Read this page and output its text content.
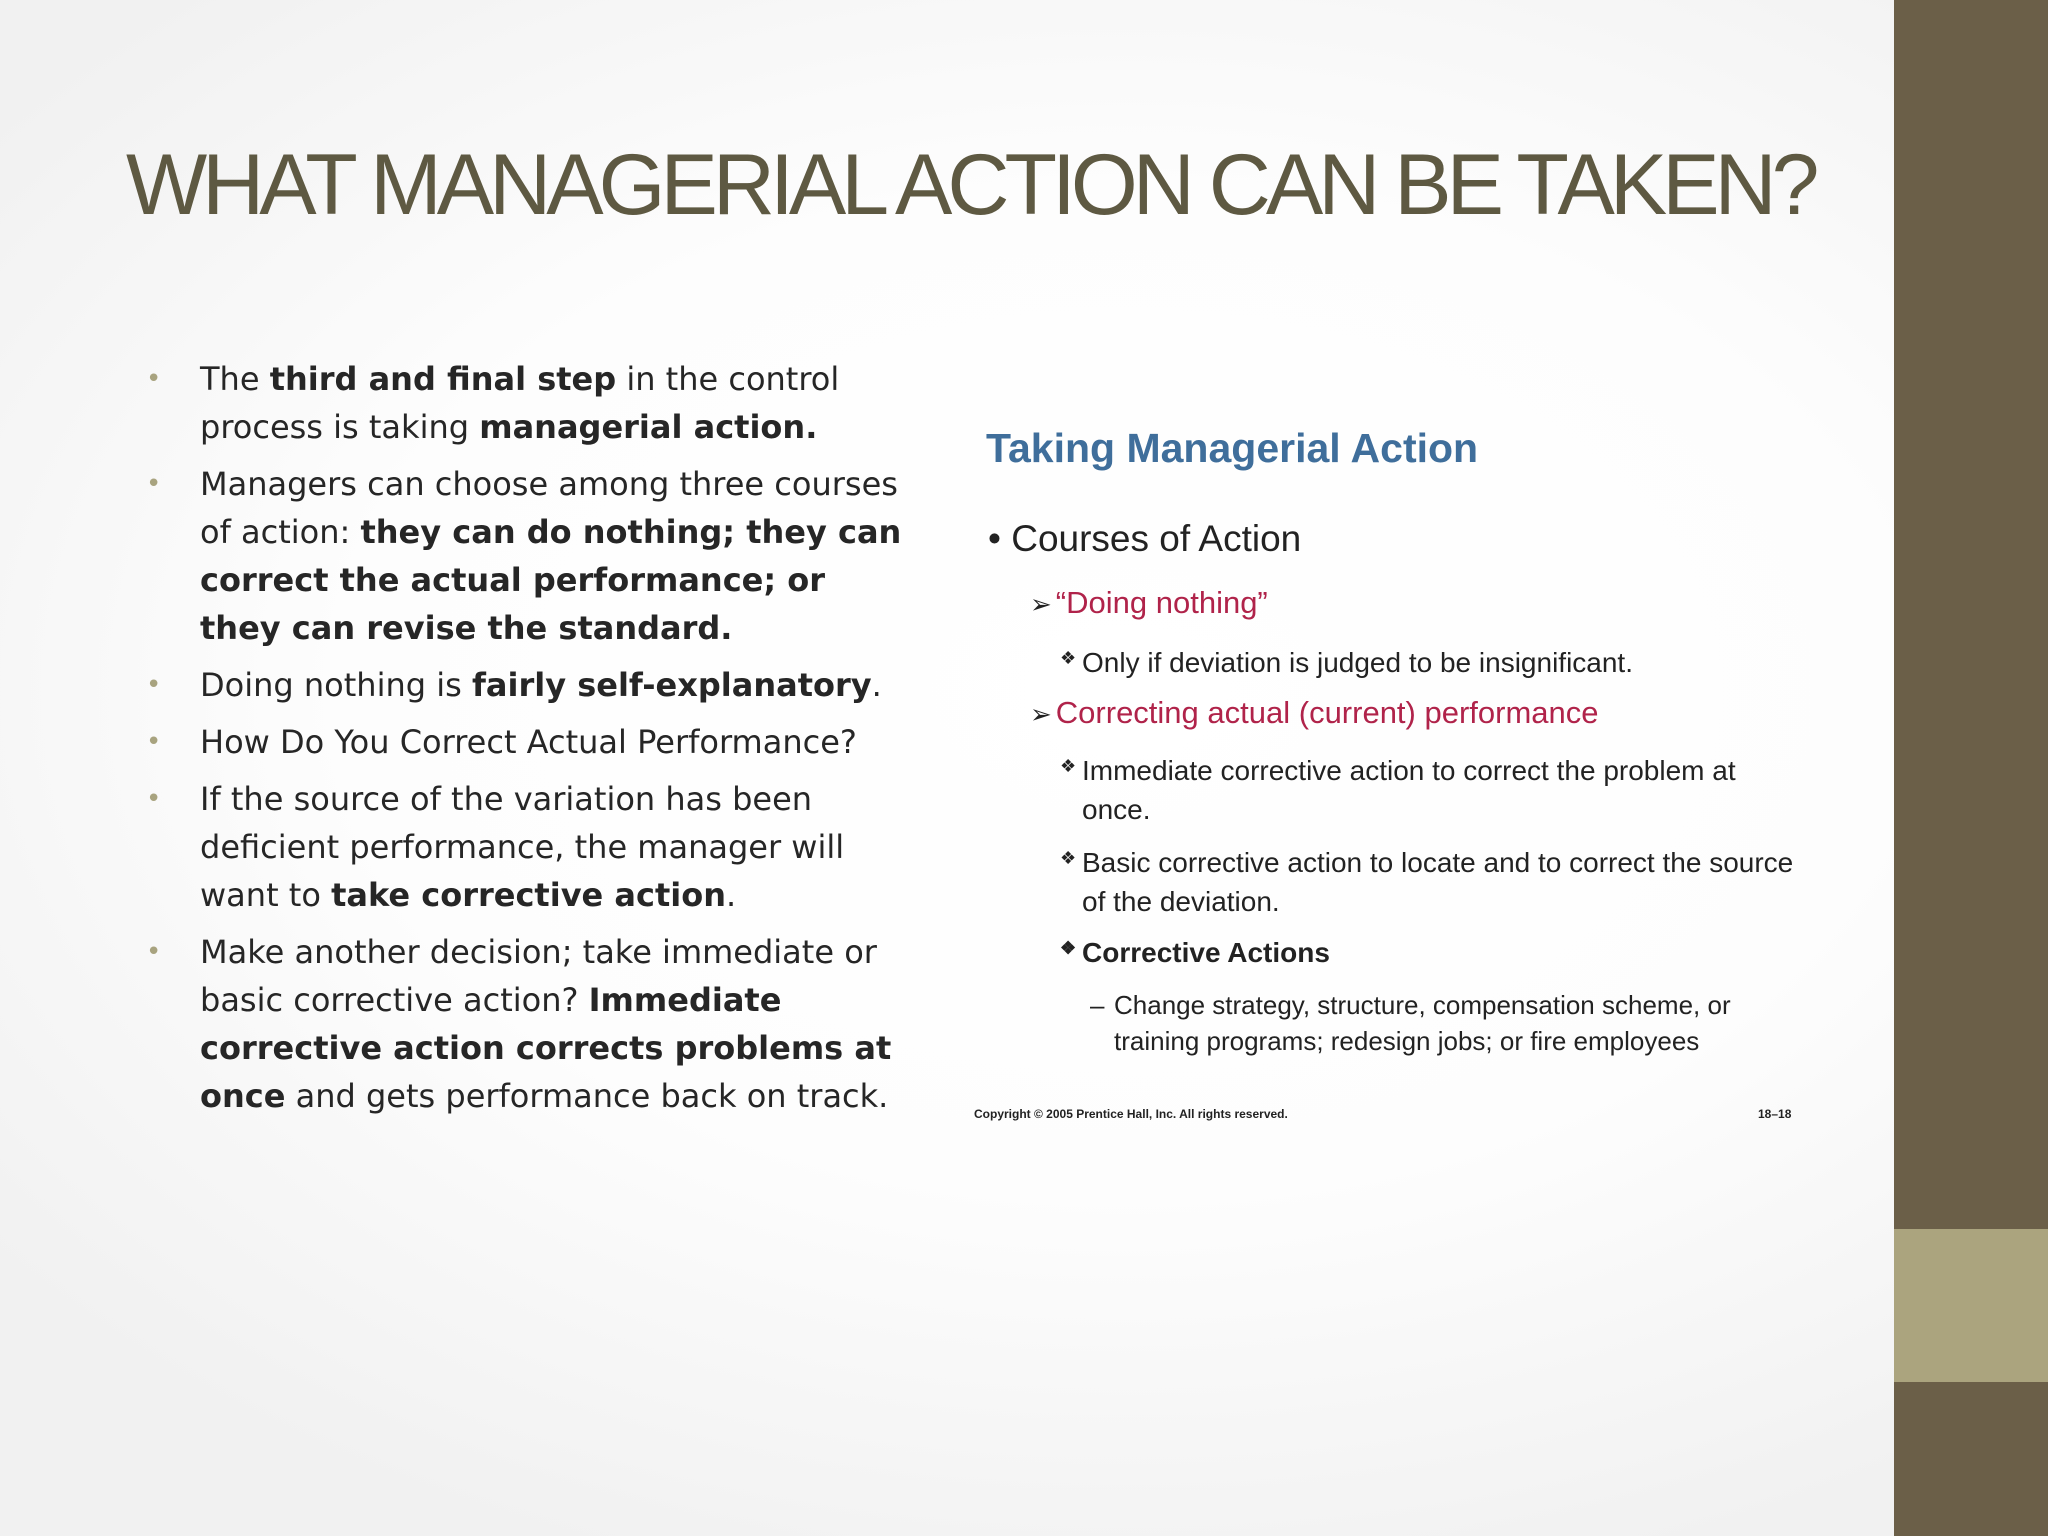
WHAT MANAGERIAL ACTION CAN BE TAKEN?
• The third and final step in the control process is taking managerial action.
• Managers can choose among three courses of action: they can do nothing; they can correct the actual performance; or they can revise the standard.
• Doing nothing is fairly self-explanatory.
• How Do You Correct Actual Performance?
• If the source of the variation has been deficient performance, the manager will want to take corrective action.
• Make another decision; take immediate or basic corrective action? Immediate corrective action corrects problems at once and gets performance back on track.
Taking Managerial Action
• Courses of Action
➢ “Doing nothing”
❖ Only if deviation is judged to be insignificant.
➢ Correcting actual (current) performance
❖ Immediate corrective action to correct the problem at once.
❖ Basic corrective action to locate and to correct the source of the deviation.
❖ Corrective Actions
– Change strategy, structure, compensation scheme, or training programs; redesign jobs; or fire employees
Copyright © 2005 Prentice Hall, Inc. All rights reserved.	18–18
